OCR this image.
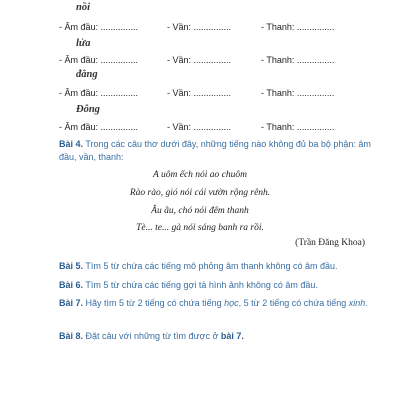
nồi
- Âm đầu: ...............	- Vần: ...............	- Thanh: ...............
lửa
- Âm đầu: ...............	- Vần: ...............	- Thanh: ...............
đằng
- Âm đầu: ...............	- Vần: ...............	- Thanh: ...............
Đông
- Âm đầu: ...............	- Vần: ...............	- Thanh: ...............
Bài 4. Trong các câu thơ dưới đây, những tiếng nào không đủ ba bộ phận: âm đầu, vần, thanh:
A uôm ếch nói ao chuôm
Rào rào, gió nói cái vườn rộng rênh.
Âu âu, chó nói đêm thanh
Tè... te... gà nói sáng banh ra rồi.
(Trần Đăng Khoa)
Bài 5. Tìm 5 từ chứa các tiếng mô phỏng âm thanh không có âm đầu.
Bài 6. Tìm 5 từ chứa các tiếng gợi tả hình ảnh không có âm đầu.
Bài 7. Hãy tìm 5 từ 2 tiếng có chứa tiếng học, 5 từ 2 tiếng có chứa tiếng xinh.
Bài 8. Đặt câu với những từ tìm được ở bài 7.
